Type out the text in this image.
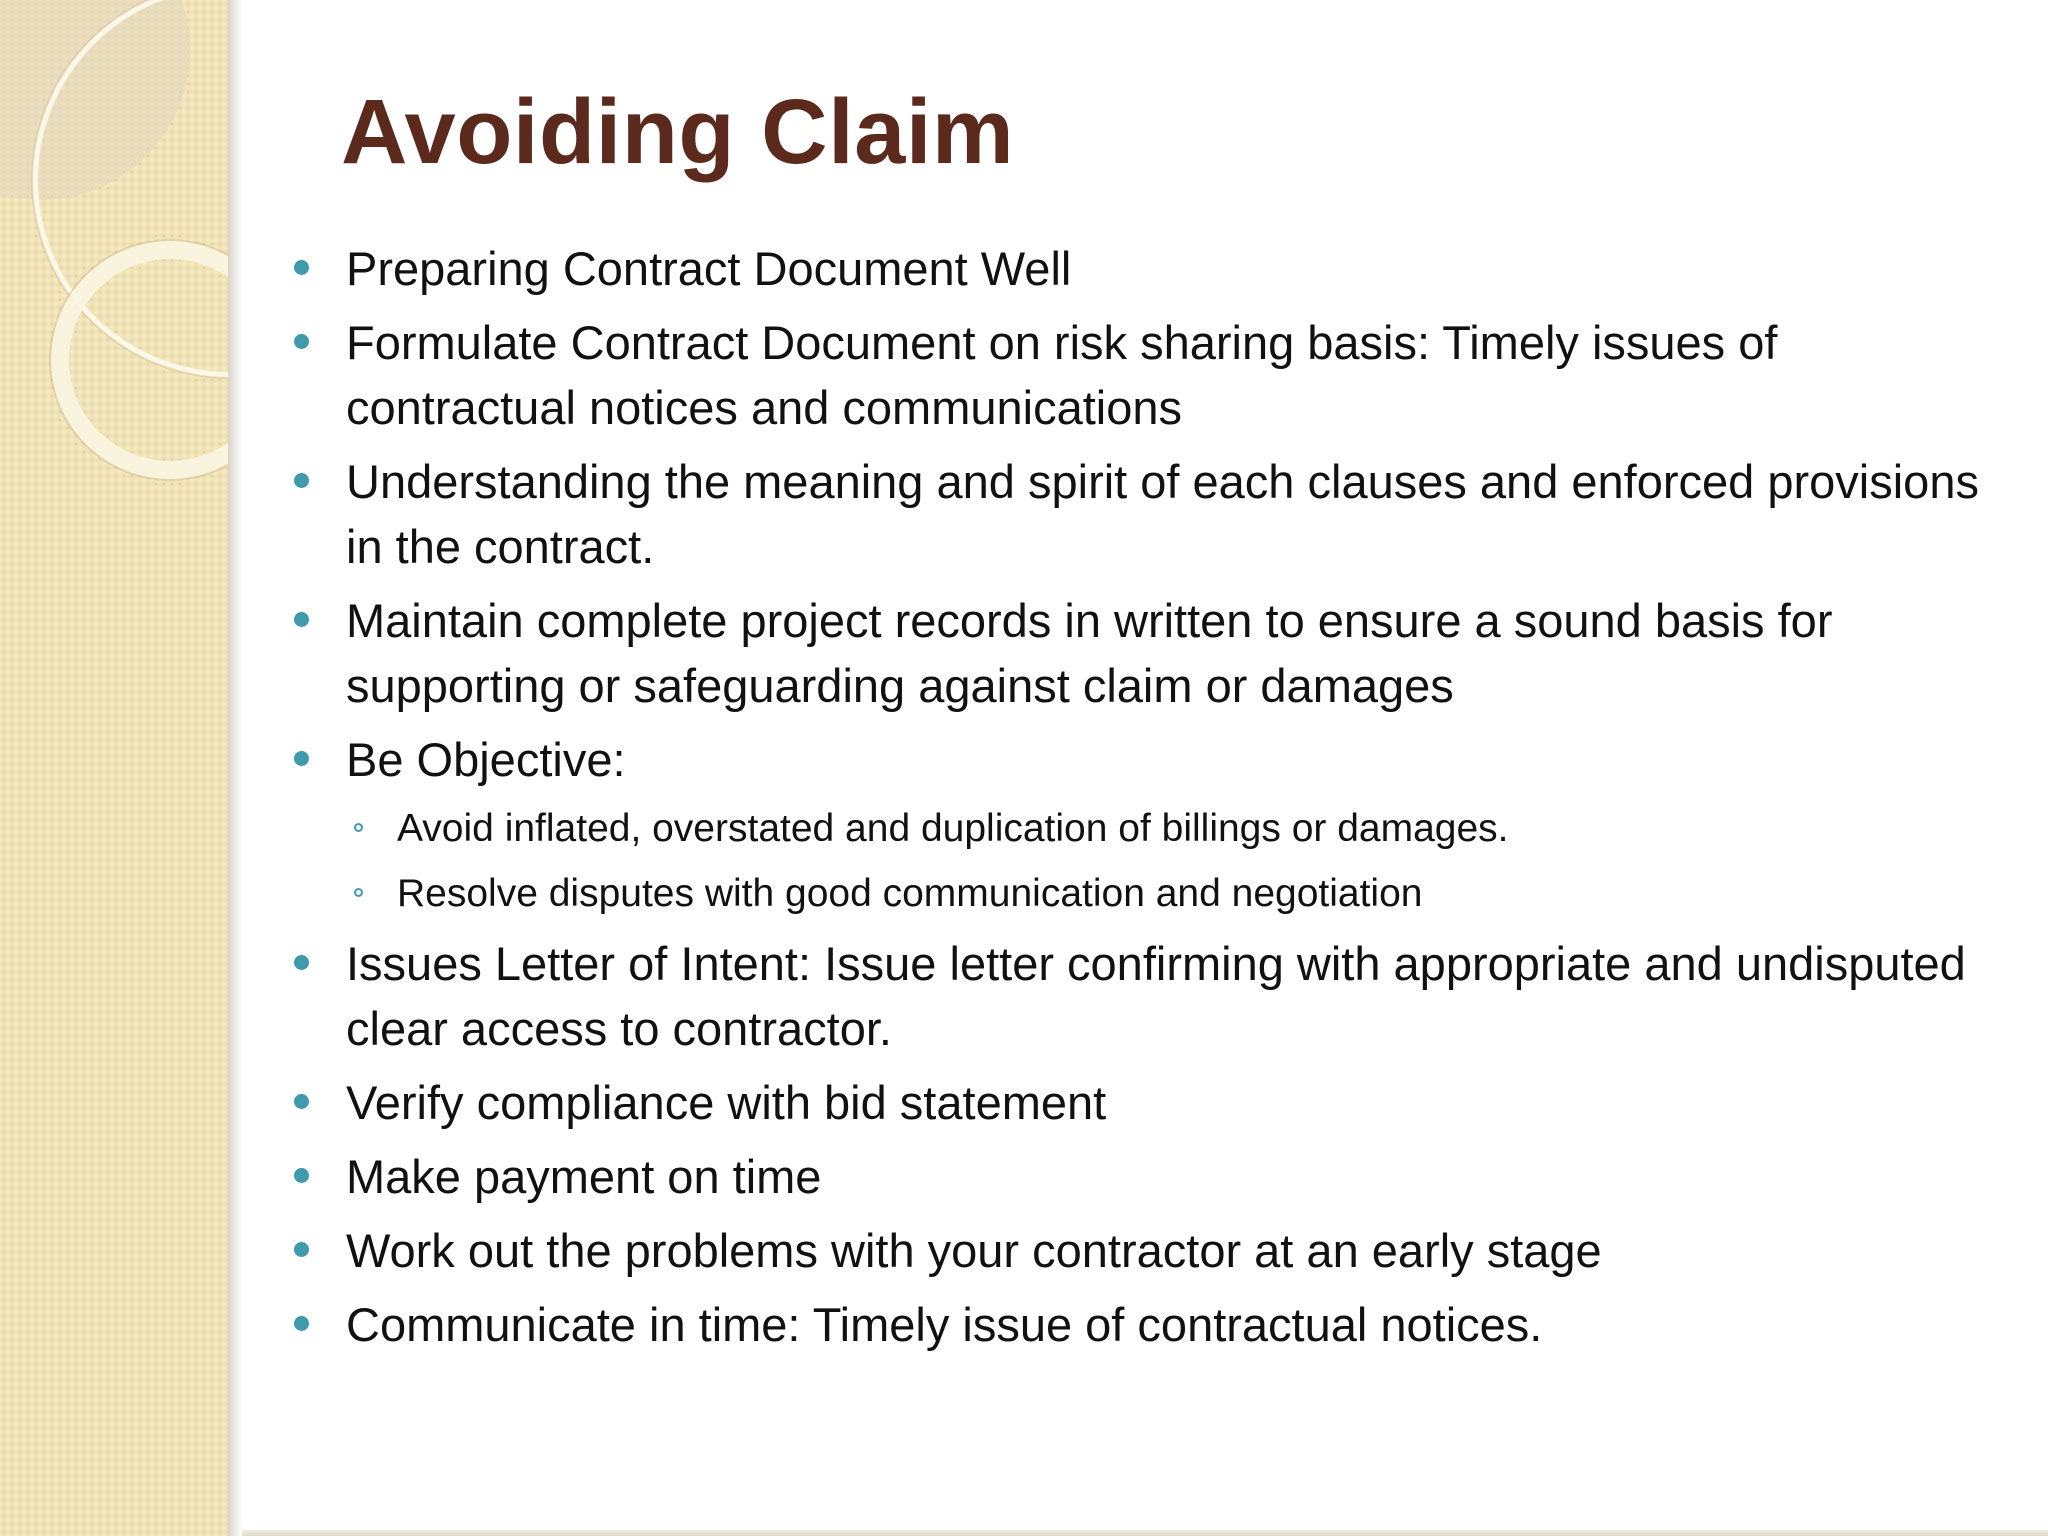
Avoiding Claim
Preparing Contract Document Well
Formulate Contract Document on risk sharing basis: Timely issues of contractual notices and communications
Understanding the meaning and spirit of each clauses and enforced provisions in the contract.
Maintain complete project records in written to ensure a sound basis for supporting or safeguarding against claim or damages
Be Objective:
Avoid inflated, overstated and duplication of billings or damages.
Resolve disputes with good communication and negotiation
Issues Letter of Intent: Issue letter confirming with appropriate and undisputed clear access to contractor.
Verify compliance with bid statement
Make payment on time
Work out the problems with your contractor at an early stage
Communicate in time: Timely issue of contractual notices.
